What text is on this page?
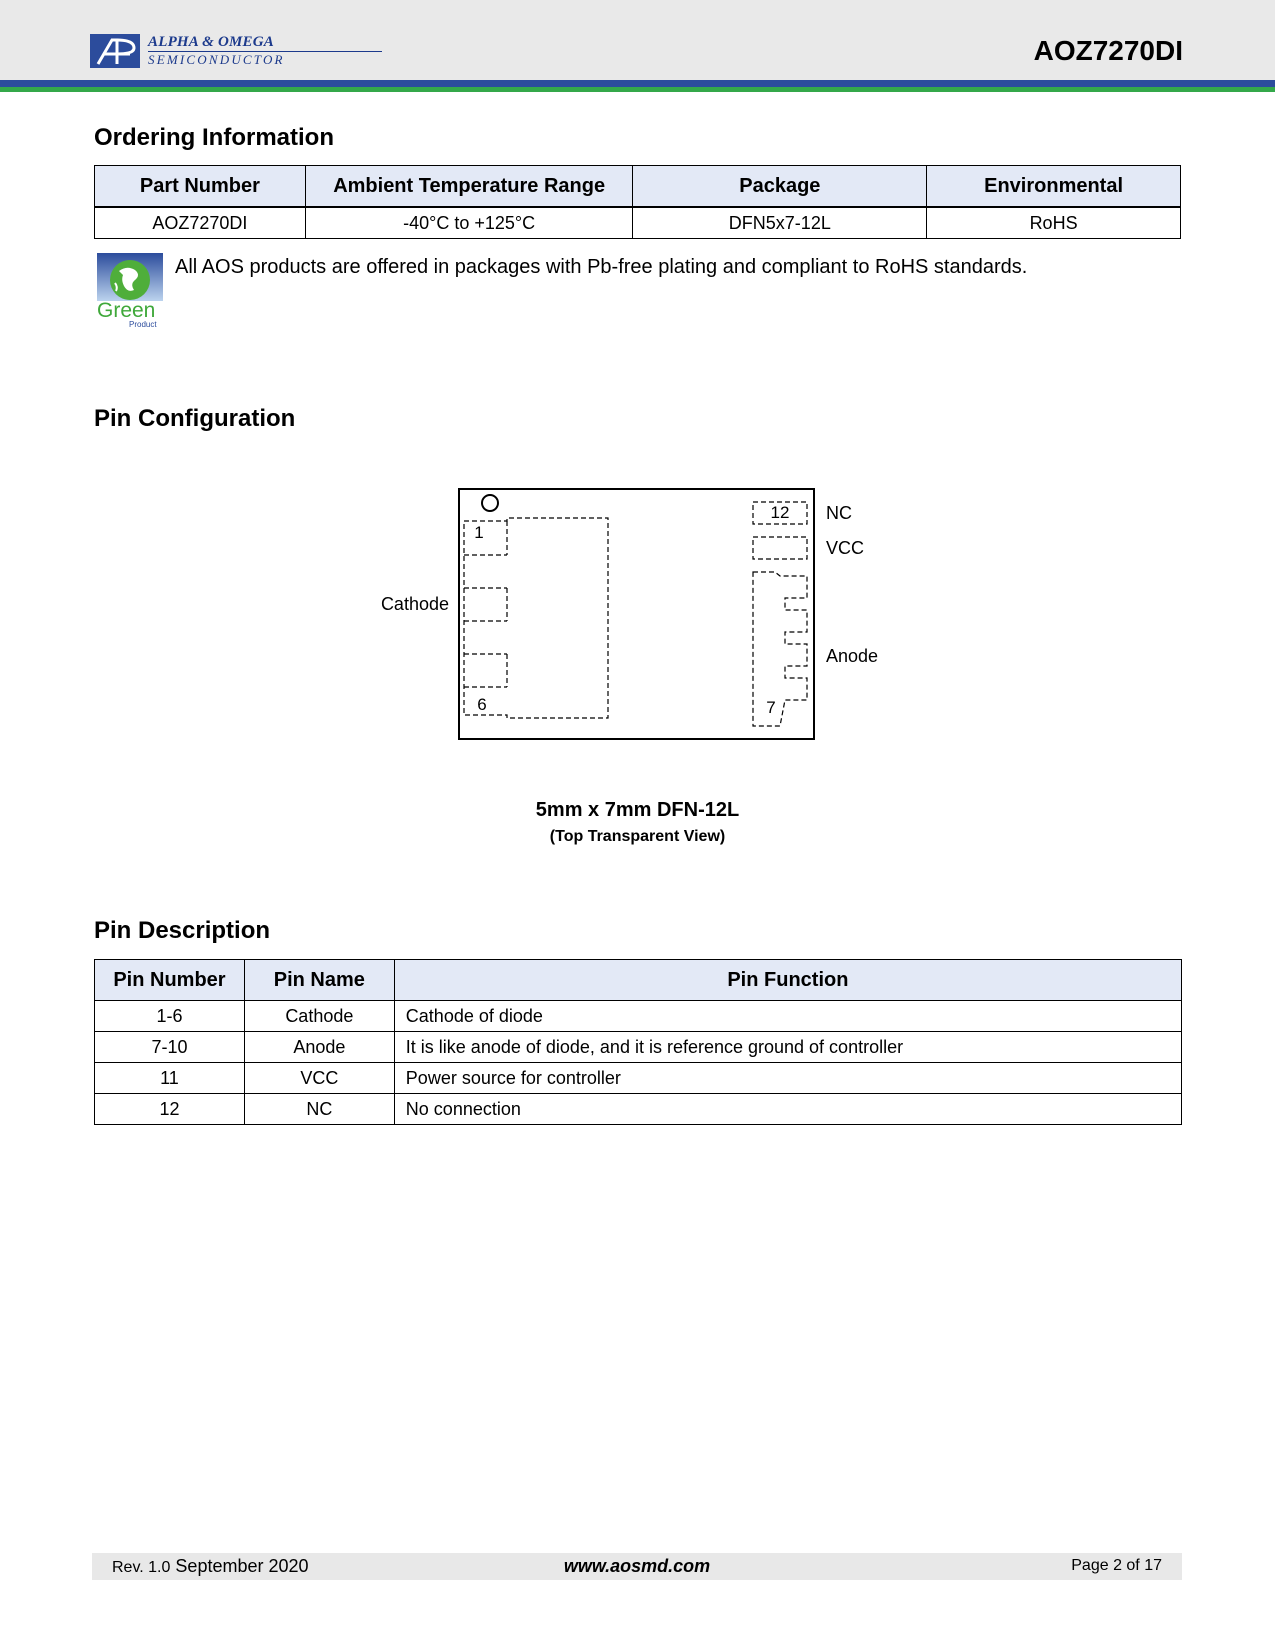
ALPHA & OMEGA
SEMICONDUCTOR	AOZ7270DI
Ordering Information
Part Number	Ambient Temperature Range	Package	Environmental
AOZ7270DI	-40°C to +125°C	DFN5x7-12L	RoHS
Green
Product

All AOS products are offered in packages with Pb-free plating and compliant to RoHS standards.

Pin Configuration
1
6
12
7
Cathode
NC
VCC
Anode
5mm x 7mm DFN-12L
(Top Transparent View)
Pin Description
Pin Number	Pin Name	Pin Function
1-6	Cathode	Cathode of diode
7-10	Anode	It is like anode of diode, and it is reference ground of controller
11	VCC	Power source for controller
12	NC	No connection
Rev. 1.0 September 2020	www.aosmd.com	Page 2 of 17
